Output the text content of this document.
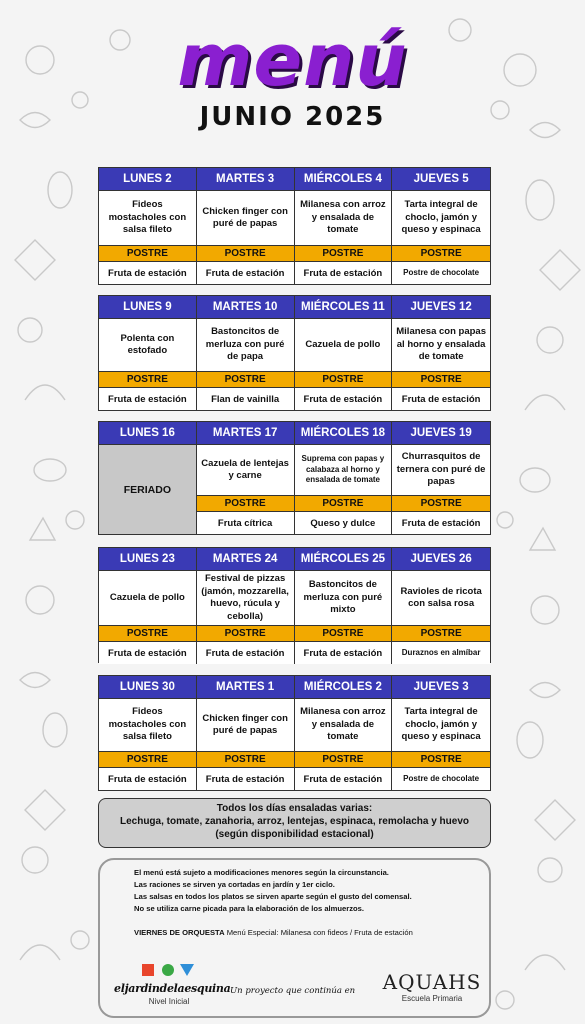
menú
JUNIO 2025
LUNES 2
Fideos mostacholes con salsa fileto
POSTRE
Fruta de estación
MARTES 3
Chicken finger con puré de papas
POSTRE
Fruta de estación
MIÉRCOLES 4
Milanesa con arroz y ensalada de tomate
POSTRE
Fruta de estación
JUEVES 5
Tarta integral de choclo, jamón y queso y espinaca
POSTRE
Postre de chocolate
LUNES 9
Polenta con estofado
POSTRE
Fruta de estación
MARTES 10
Bastoncitos de merluza con puré de papa
POSTRE
Flan de vainilla
MIÉRCOLES 11
Cazuela de pollo
POSTRE
Fruta de estación
JUEVES 12
Milanesa con papas al horno y ensalada de tomate
POSTRE
Fruta de estación
LUNES 16
FERIADO
MARTES 17
Cazuela de lentejas y carne
POSTRE
Fruta cítrica
MIÉRCOLES 18
Suprema con papas y calabaza al horno y ensalada de tomate
POSTRE
Queso y dulce
JUEVES 19
Churrasquitos de ternera con puré de papas
POSTRE
Fruta de estación
LUNES 23
Cazuela de pollo
POSTRE
Fruta de estación
MARTES 24
Festival de pizzas (jamón, mozzarella, huevo, rúcula y cebolla)
POSTRE
Fruta de estación
MIÉRCOLES 25
Bastoncitos de merluza con puré mixto
POSTRE
Fruta de estación
JUEVES 26
Ravioles de ricota con salsa rosa
POSTRE
Duraznos en almíbar
LUNES 30
Fideos mostacholes con salsa fileto
POSTRE
Fruta de estación
MARTES 1
Chicken finger con puré de papas
POSTRE
Fruta de estación
MIÉRCOLES 2
Milanesa con arroz y ensalada de tomate
POSTRE
Fruta de estación
JUEVES 3
Tarta integral de choclo, jamón y queso y espinaca
POSTRE
Postre de chocolate
Todos los días ensaladas varias:
Lechuga, tomate, zanahoria, arroz, lentejas, espinaca, remolacha y huevo
(según disponibilidad estacional)
El menú está sujeto a modificaciones menores según la circunstancia.
Las raciones se sirven ya cortadas en jardín y 1er ciclo.
Las salsas en todos los platos se sirven aparte según el gusto del comensal.
No se utiliza carne picada para la elaboración de los almuerzos.
VIERNES DE ORQUESTA Menú Especial: Milanesa con fideos / Fruta de estación
eljardindelaesquina
Nivel Inicial
Un proyecto que continúa en AQUAHS
Escuela Primaria
